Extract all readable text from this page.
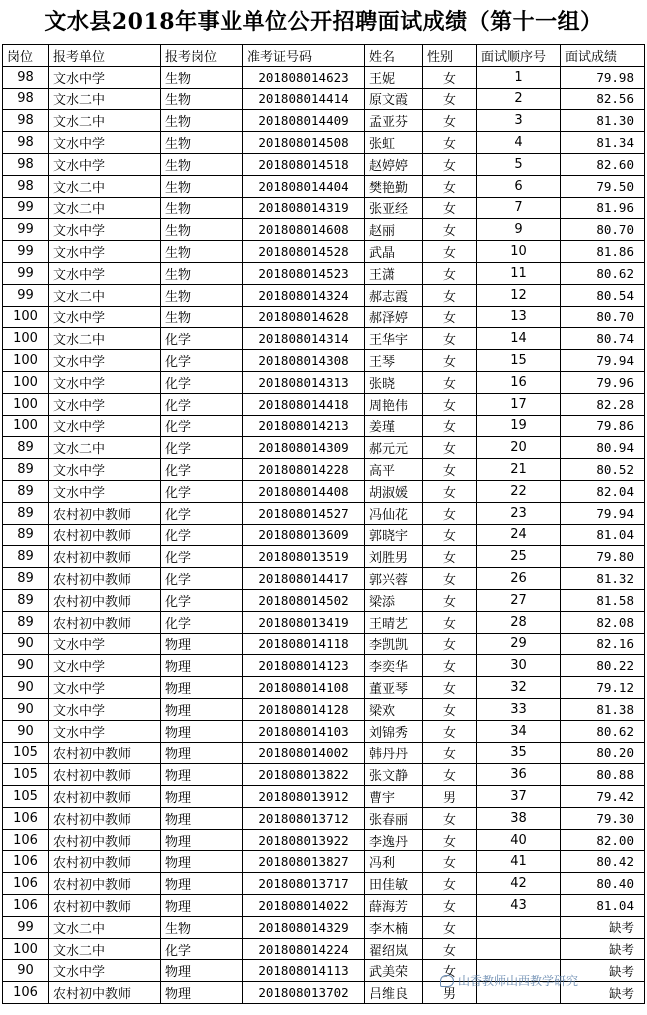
文水县2018年事业单位公开招聘面试成绩（第十一组）
岗位	报考单位	报考岗位	准考证号码	姓名	性别	面试顺序号	面试成绩
98	文水中学	生物	201808014623	王妮	女	1	79.98
98	文水二中	生物	201808014414	原文霞	女	2	82.56
98	文水二中	生物	201808014409	孟亚芬	女	3	81.30
98	文水中学	生物	201808014508	张虹	女	4	81.34
98	文水中学	生物	201808014518	赵婷婷	女	5	82.60
98	文水二中	生物	201808014404	樊艳勤	女	6	79.50
99	文水二中	生物	201808014319	张亚经	女	7	81.96
99	文水中学	生物	201808014608	赵丽	女	9	80.70
99	文水中学	生物	201808014528	武晶	女	10	81.86
99	文水中学	生物	201808014523	王潇	女	11	80.62
99	文水二中	生物	201808014324	郝志霞	女	12	80.54
100	文水中学	生物	201808014628	郝泽婷	女	13	80.70
100	文水二中	化学	201808014314	王华宇	女	14	80.74
100	文水中学	化学	201808014308	王琴	女	15	79.94
100	文水中学	化学	201808014313	张晓	女	16	79.96
100	文水中学	化学	201808014418	周艳伟	女	17	82.28
100	文水中学	化学	201808014213	姜瑾	女	19	79.86
89	文水二中	化学	201808014309	郝元元	女	20	80.94
89	文水中学	化学	201808014228	高平	女	21	80.52
89	文水中学	化学	201808014408	胡淑媛	女	22	82.04
89	农村初中教师	化学	201808014527	冯仙花	女	23	79.94
89	农村初中教师	化学	201808013609	郭晓宇	女	24	81.04
89	农村初中教师	化学	201808013519	刘胜男	女	25	79.80
89	农村初中教师	化学	201808014417	郭兴蓉	女	26	81.32
89	农村初中教师	化学	201808014502	梁添	女	27	81.58
89	农村初中教师	化学	201808013419	王晴艺	女	28	82.08
90	文水中学	物理	201808014118	李凯凯	女	29	82.16
90	文水中学	物理	201808014123	李奕华	女	30	80.22
90	文水中学	物理	201808014108	董亚琴	女	32	79.12
90	文水中学	物理	201808014128	梁欢	女	33	81.38
90	文水中学	物理	201808014103	刘锦秀	女	34	80.62
105	农村初中教师	物理	201808014002	韩丹丹	女	35	80.20
105	农村初中教师	物理	201808013822	张文静	女	36	80.88
105	农村初中教师	物理	201808013912	曹宇	男	37	79.42
106	农村初中教师	物理	201808013712	张春丽	女	38	79.30
106	农村初中教师	物理	201808013922	李逸丹	女	40	82.00
106	农村初中教师	物理	201808013827	冯利	女	41	80.42
106	农村初中教师	物理	201808013717	田佳敏	女	42	80.40
106	农村初中教师	物理	201808014022	薛海芳	女	43	81.04
99	文水二中	生物	201808014329	李木楠	女		缺考
100	文水二中	化学	201808014224	翟绍岚	女		缺考
90	文水中学	物理	201808014113	武美荣	女		缺考
106	农村初中教师	物理	201808013702	吕维良	男		缺考
山香教师山西教学研究
